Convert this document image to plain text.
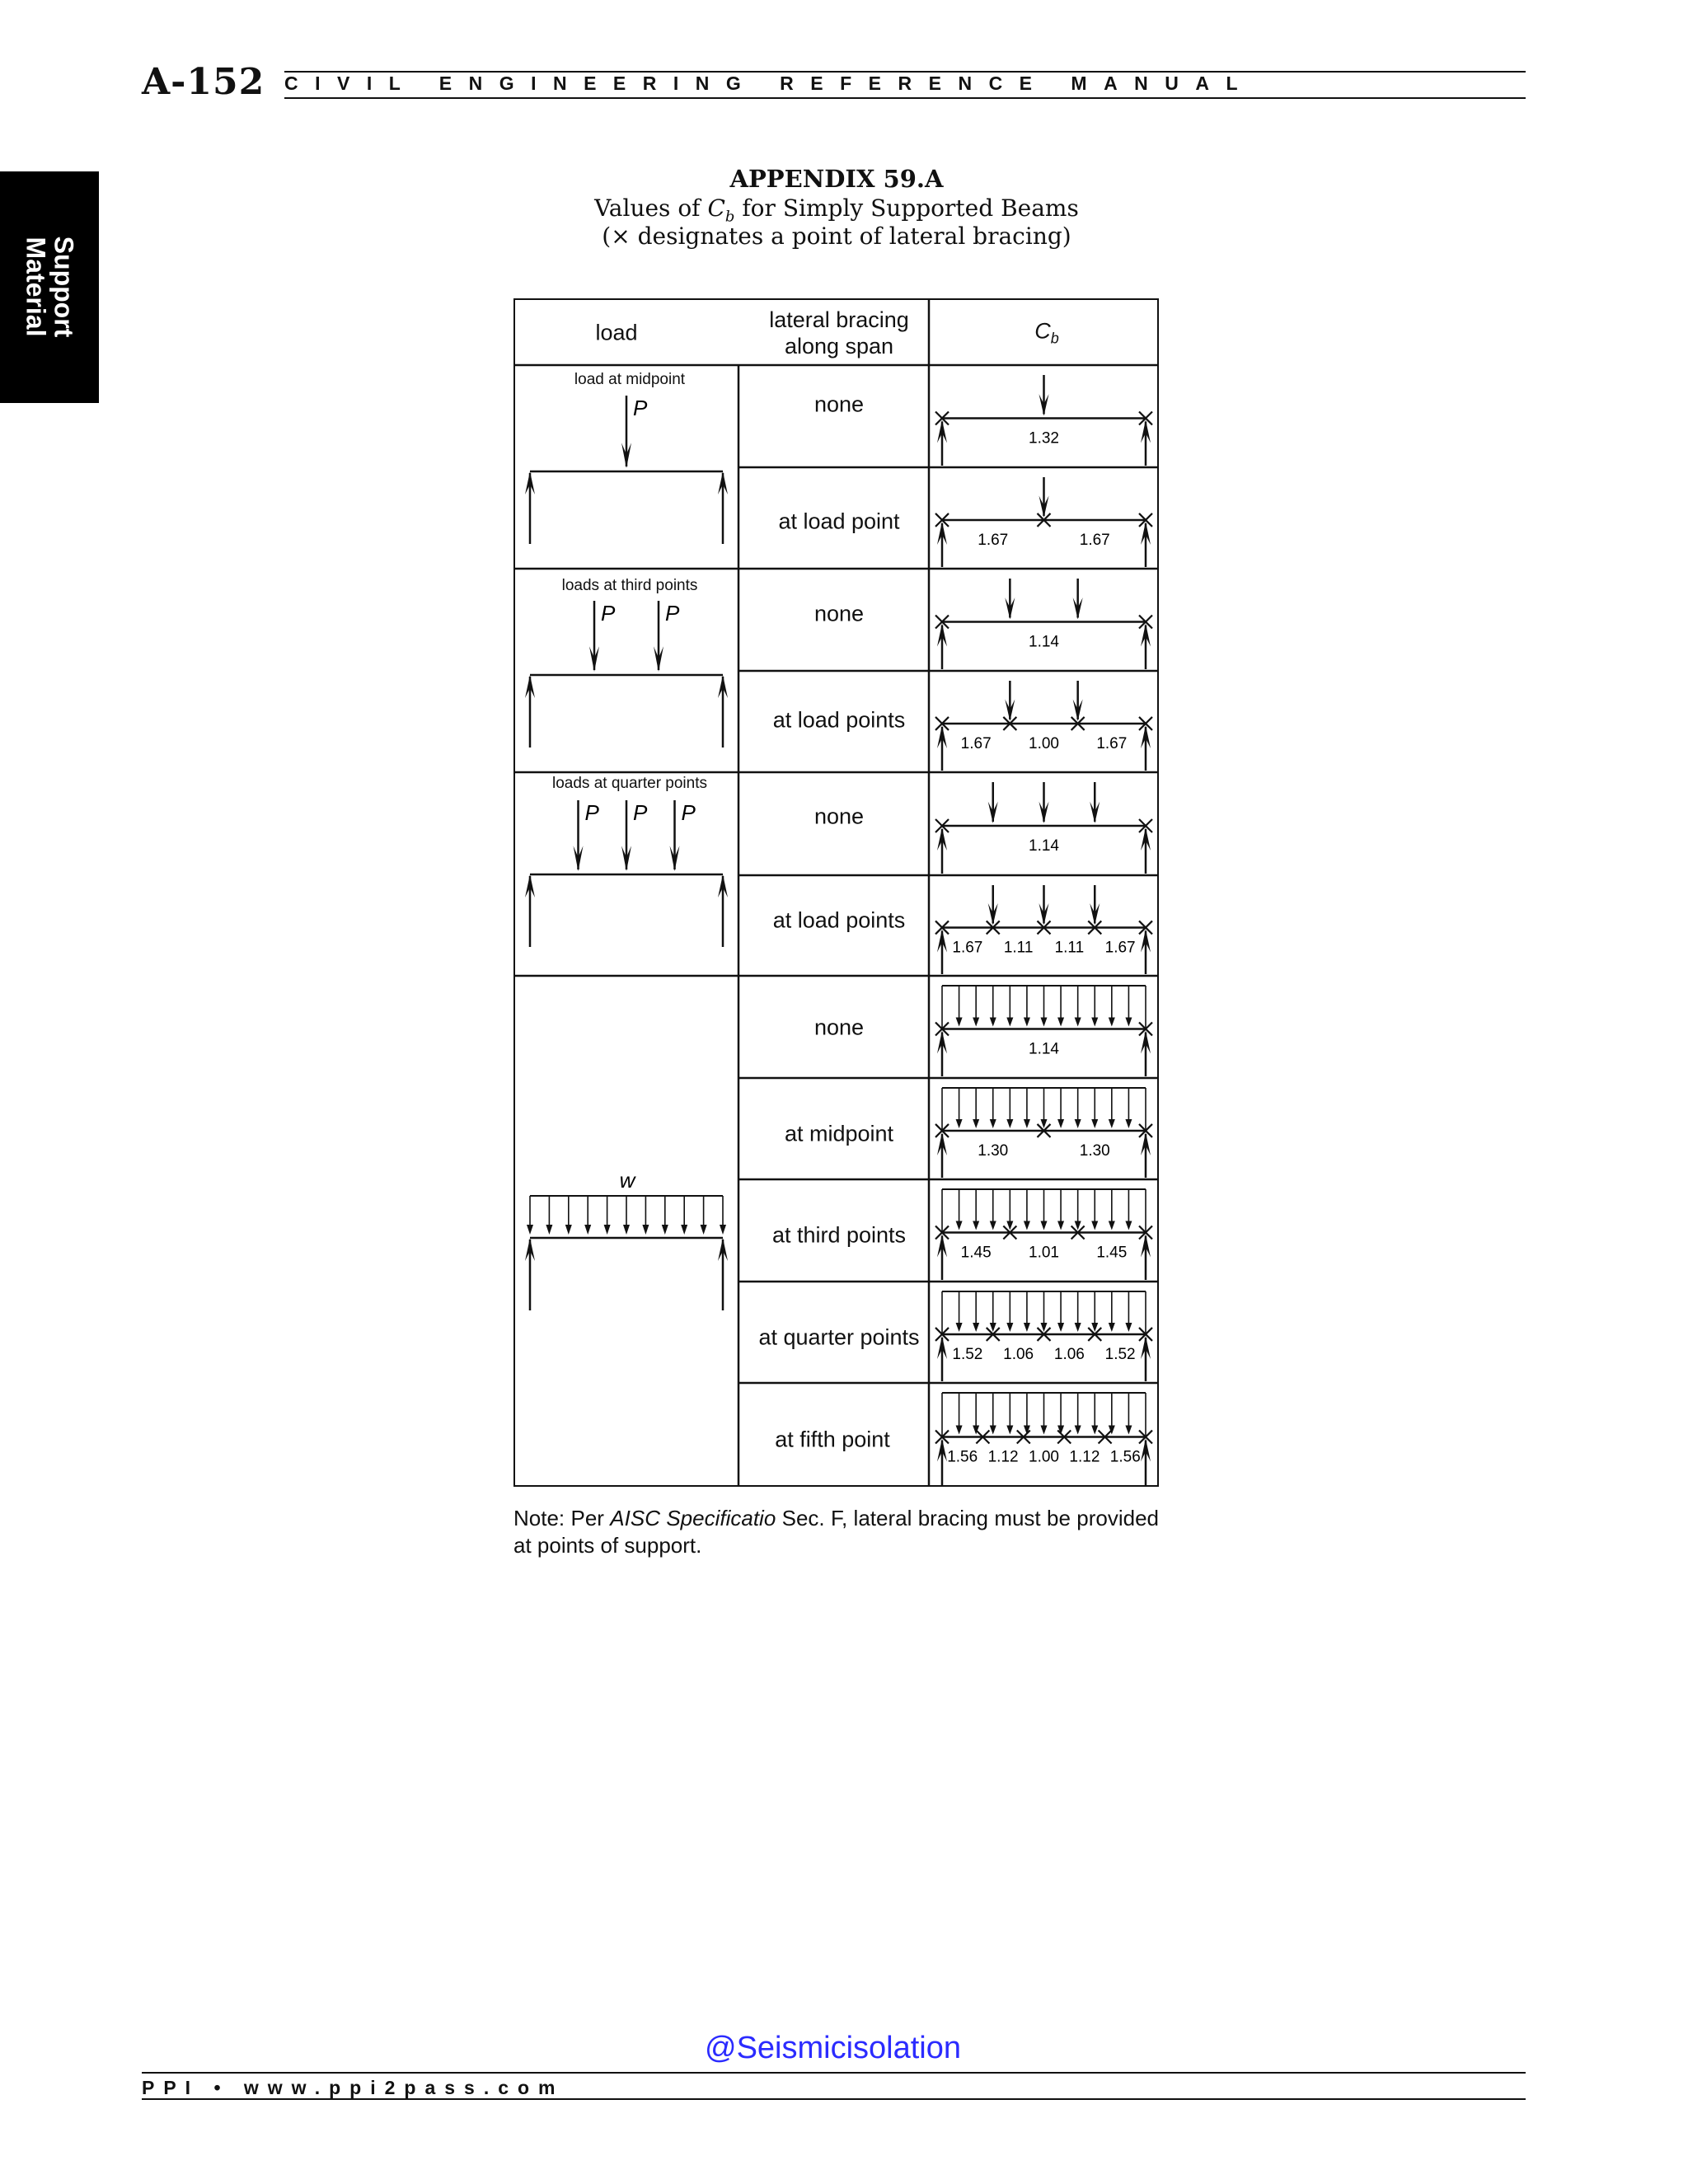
A-152 CIVIL ENGINEERING REFERENCE MANUAL
Support
Material
APPENDIX 59.A
Values of $C_b$ for Simply Supported Beams
(× designates a point of lateral bracing)
load
lateral bracing
along span
$C_b$
load at midpoint
loads at third points
loads at quarter points
none
at load point
none
at load points
none
at load points
none
at midpoint
at third points
at quarter points
at fifth point
P
P P
P P P
w
1.32
1.67	1.67
1.14
1.67 1.00 1.67
1.14
1.67 1.11 1.11 1.67
1.14
1.30	1.30
1.45 1.01 1.45
1.52 1.06 1.06 1.52
1.56 1.12 1.00 1.12 1.56
Note: Per AISC Specificatio Sec. F, lateral bracing must be provided at points of support.
@Seismicisolation
PPI • www.ppi2pass.com
